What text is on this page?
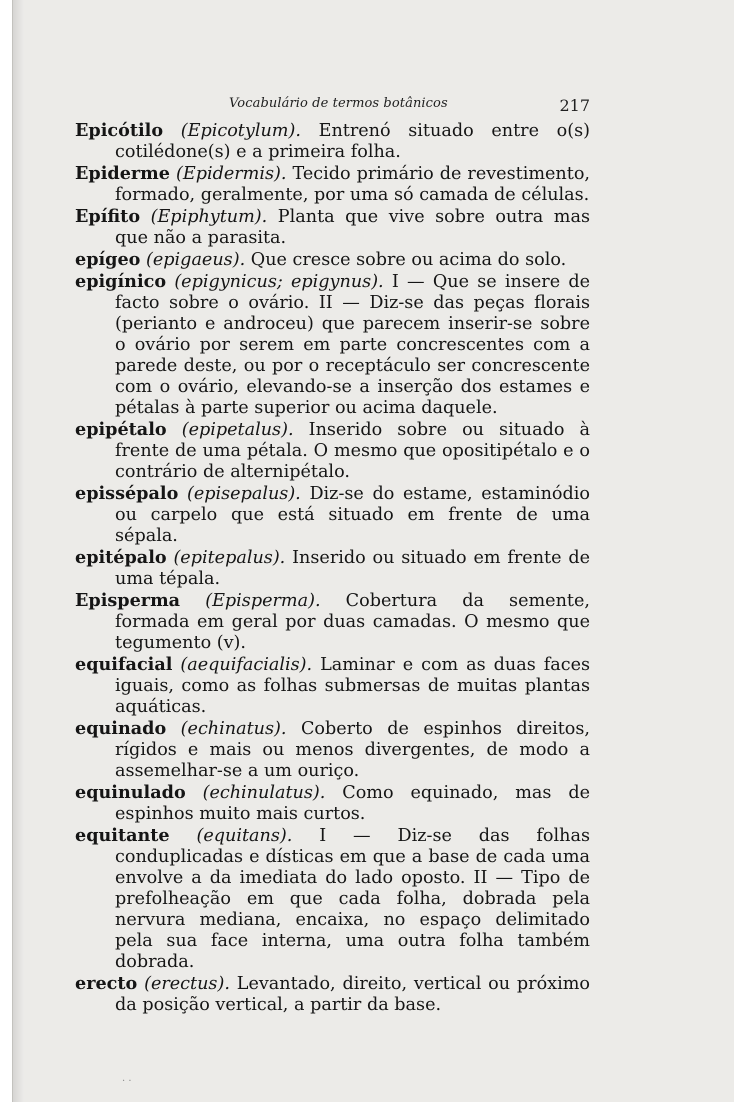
Vocabulário de termos botânicos	217

Epicótilo (Epicotylum). Entrenó situado entre o(s) cotilédone(s) e a primeira folha.

Epiderme (Epidermis). Tecido primário de revestimento, formado, geralmente, por uma só camada de células.

Epífito (Epiphytum). Planta que vive sobre outra mas que não a parasita.

epígeo (epigaeus). Que cresce sobre ou acima do solo.

epigínico (epigynicus; epigynus). I — Que se insere de facto sobre o ovário. II — Diz-se das peças florais (perianto e androceu) que parecem inserir-se sobre o ovário por serem em parte concrescentes com a parede deste, ou por o receptáculo ser concrescente com o ovário, elevando-se a inserção dos estames e pétalas à parte superior ou acima daquele.

epipétalo (epipetalus). Inserido sobre ou situado à frente de uma pétala. O mesmo que opositipétalo e o contrário de alternipétalo.

epissépalo (episepalus). Diz-se do estame, estaminódio ou carpelo que está situado em frente de uma sépala.

epitépalo (epitepalus). Inserido ou situado em frente de uma tépala.

Episperma (Episperma). Cobertura da semente, formada em geral por duas camadas. O mesmo que tegumento (v).

equifacial (aequifacialis). Laminar e com as duas faces iguais, como as folhas submersas de muitas plantas aquáticas.

equinado (echinatus). Coberto de espinhos direitos, rígidos e mais ou menos divergentes, de modo a assemelhar-se a um ouriço.

equinulado (echinulatus). Como equinado, mas de espinhos muito mais curtos.

equitante (equitans). I — Diz-se das folhas conduplicadas e dísticas em que a base de cada uma envolve a da imediata do lado oposto. II — Tipo de prefolheação em que cada folha, dobrada pela nervura mediana, encaixa, no espaço delimitado pela sua face interna, uma outra folha também dobrada.

erecto (erectus). Levantado, direito, vertical ou próximo da posição vertical, a partir da base.

· ·
